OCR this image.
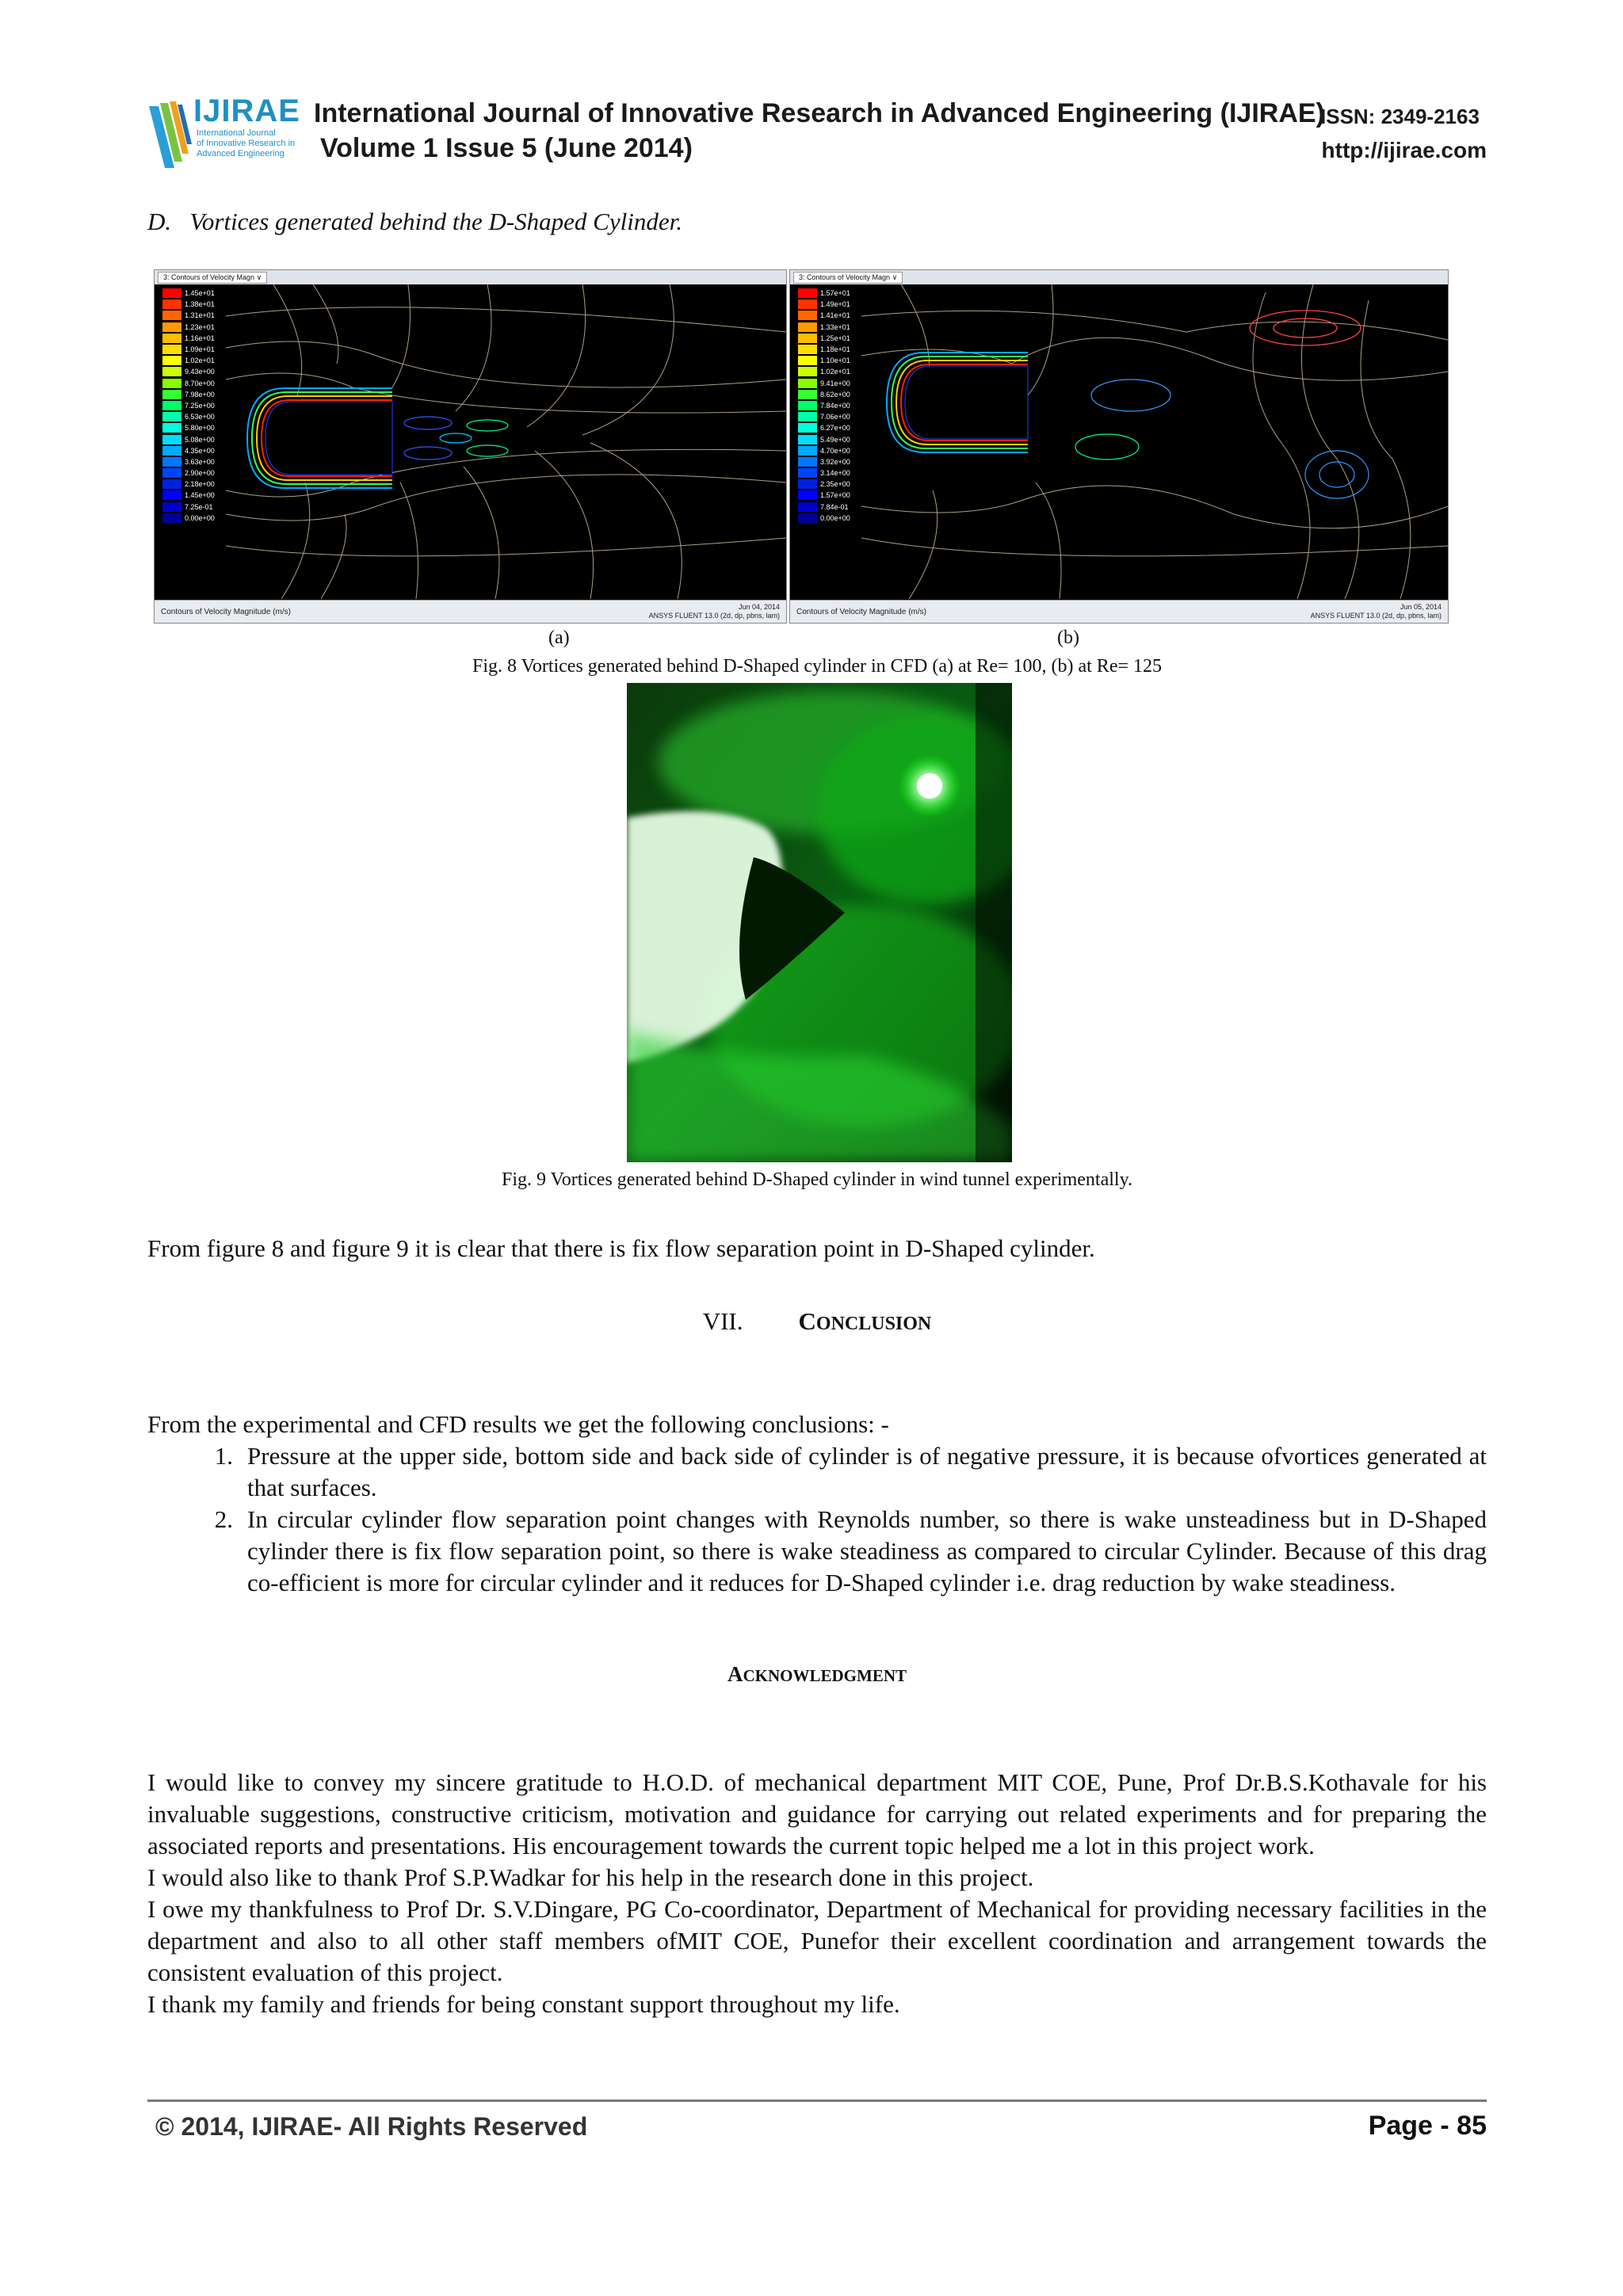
IJIRAE
International Journal
of Innovative Research in
Advanced Engineering
International Journal of Innovative Research in Advanced Engineering (IJIRAE)
ISSN: 2349-2163
Volume 1 Issue 5 (June 2014)	http://ijirae.com
D.   Vortices generated behind the D-Shaped Cylinder.
3: Contours of Velocity Magn ∨
1.45e+01
1.38e+01
1.31e+01
1.23e+01
1.16e+01
1.09e+01
1.02e+01
9.43e+00
8.70e+00
7.98e+00
7.25e+00
6.53e+00
5.80e+00
5.08e+00
4.35e+00
3.63e+00
2.90e+00
2.18e+00
1.45e+00
7.25e-01
0.00e+00
Contours of Velocity Magnitude (m/s)
Jun 04, 2014
ANSYS FLUENT 13.0 (2d, dp, pbns, lam)
3: Contours of Velocity Magn ∨
1.57e+01
1.49e+01
1.41e+01
1.33e+01
1.25e+01
1.18e+01
1.10e+01
1.02e+01
9.41e+00
8.62e+00
7.84e+00
7.06e+00
6.27e+00
5.49e+00
4.70e+00
3.92e+00
3.14e+00
2.35e+00
1.57e+00
7.84e-01
0.00e+00
Contours of Velocity Magnitude (m/s)
Jun 05, 2014
ANSYS FLUENT 13.0 (2d, dp, pbns, lam)
(a)	(b)
Fig. 8 Vortices generated behind D-Shaped cylinder in CFD (a) at Re= 100, (b) at Re= 125
Fig. 9 Vortices generated behind D-Shaped cylinder in wind tunnel experimentally.
From figure 8 and figure 9 it is clear that there is fix flow separation point in D-Shaped cylinder.
VII. CONCLUSION
From the experimental and CFD results we get the following conclusions: -
1. Pressure at the upper side, bottom side and back side of cylinder is of negative pressure, it is because ofvortices generated at that surfaces.
2. In circular cylinder flow separation point changes with Reynolds number, so there is wake unsteadiness but in D-Shaped cylinder there is fix flow separation point, so there is wake steadiness as compared to circular Cylinder. Because of this drag co-efficient is more for circular cylinder and it reduces for D-Shaped cylinder i.e. drag reduction by wake steadiness.
ACKNOWLEDGMENT

I would like to convey my sincere gratitude to H.O.D. of mechanical department MIT COE, Pune, Prof Dr.B.S.Kothavale for his invaluable suggestions, constructive criticism, motivation and guidance for carrying out related experiments and for preparing the associated reports and presentations. His encouragement towards the current topic helped me a lot in this project work.

I would also like to thank Prof S.P.Wadkar for his help in the research done in this project.

I owe my thankfulness to Prof Dr. S.V.Dingare, PG Co-coordinator, Department of Mechanical for providing necessary facilities in the department and also to all other staff members ofMIT COE, Punefor their excellent coordination and arrangement towards the consistent evaluation of this project.

I thank my family and friends for being constant support throughout my life.

© 2014, IJIRAE- All Rights Reserved	Page - 85
